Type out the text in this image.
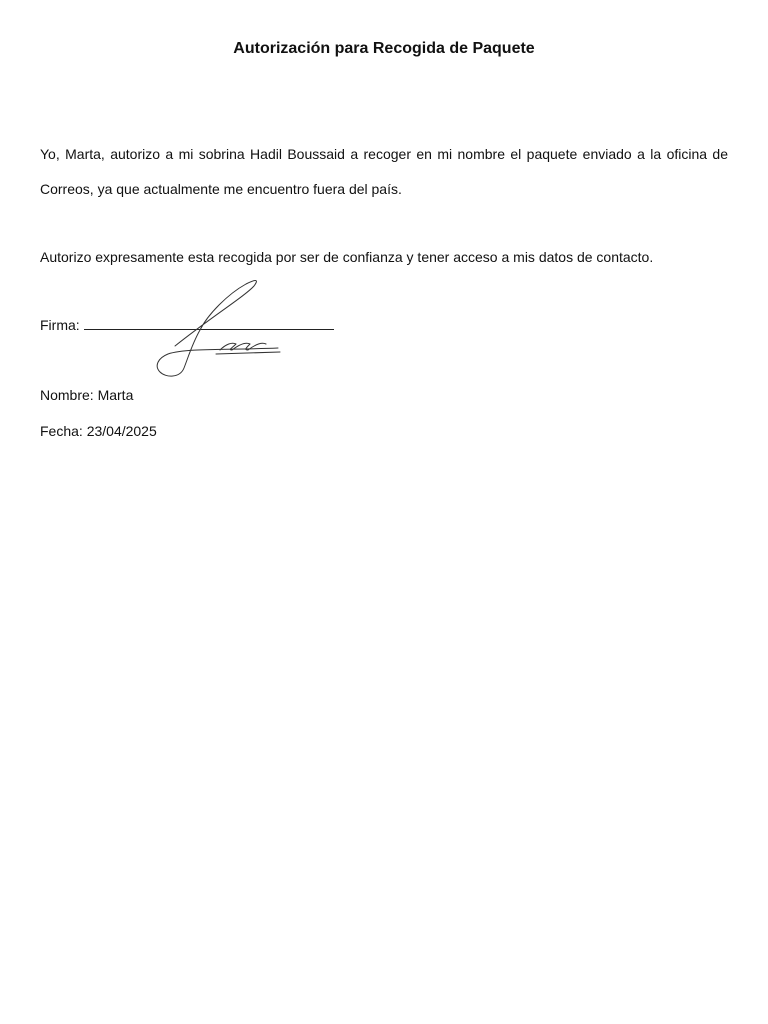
Autorización para Recogida de Paquete

Yo, Marta, autorizo a mi sobrina Hadil Boussaid a recoger en mi nombre el paquete enviado a la oficina de Correos, ya que actualmente me encuentro fuera del país.

Autorizo expresamente esta recogida por ser de confianza y tener acceso a mis datos de contacto.

Firma:
Nombre: Marta
Fecha: 23/04/2025
